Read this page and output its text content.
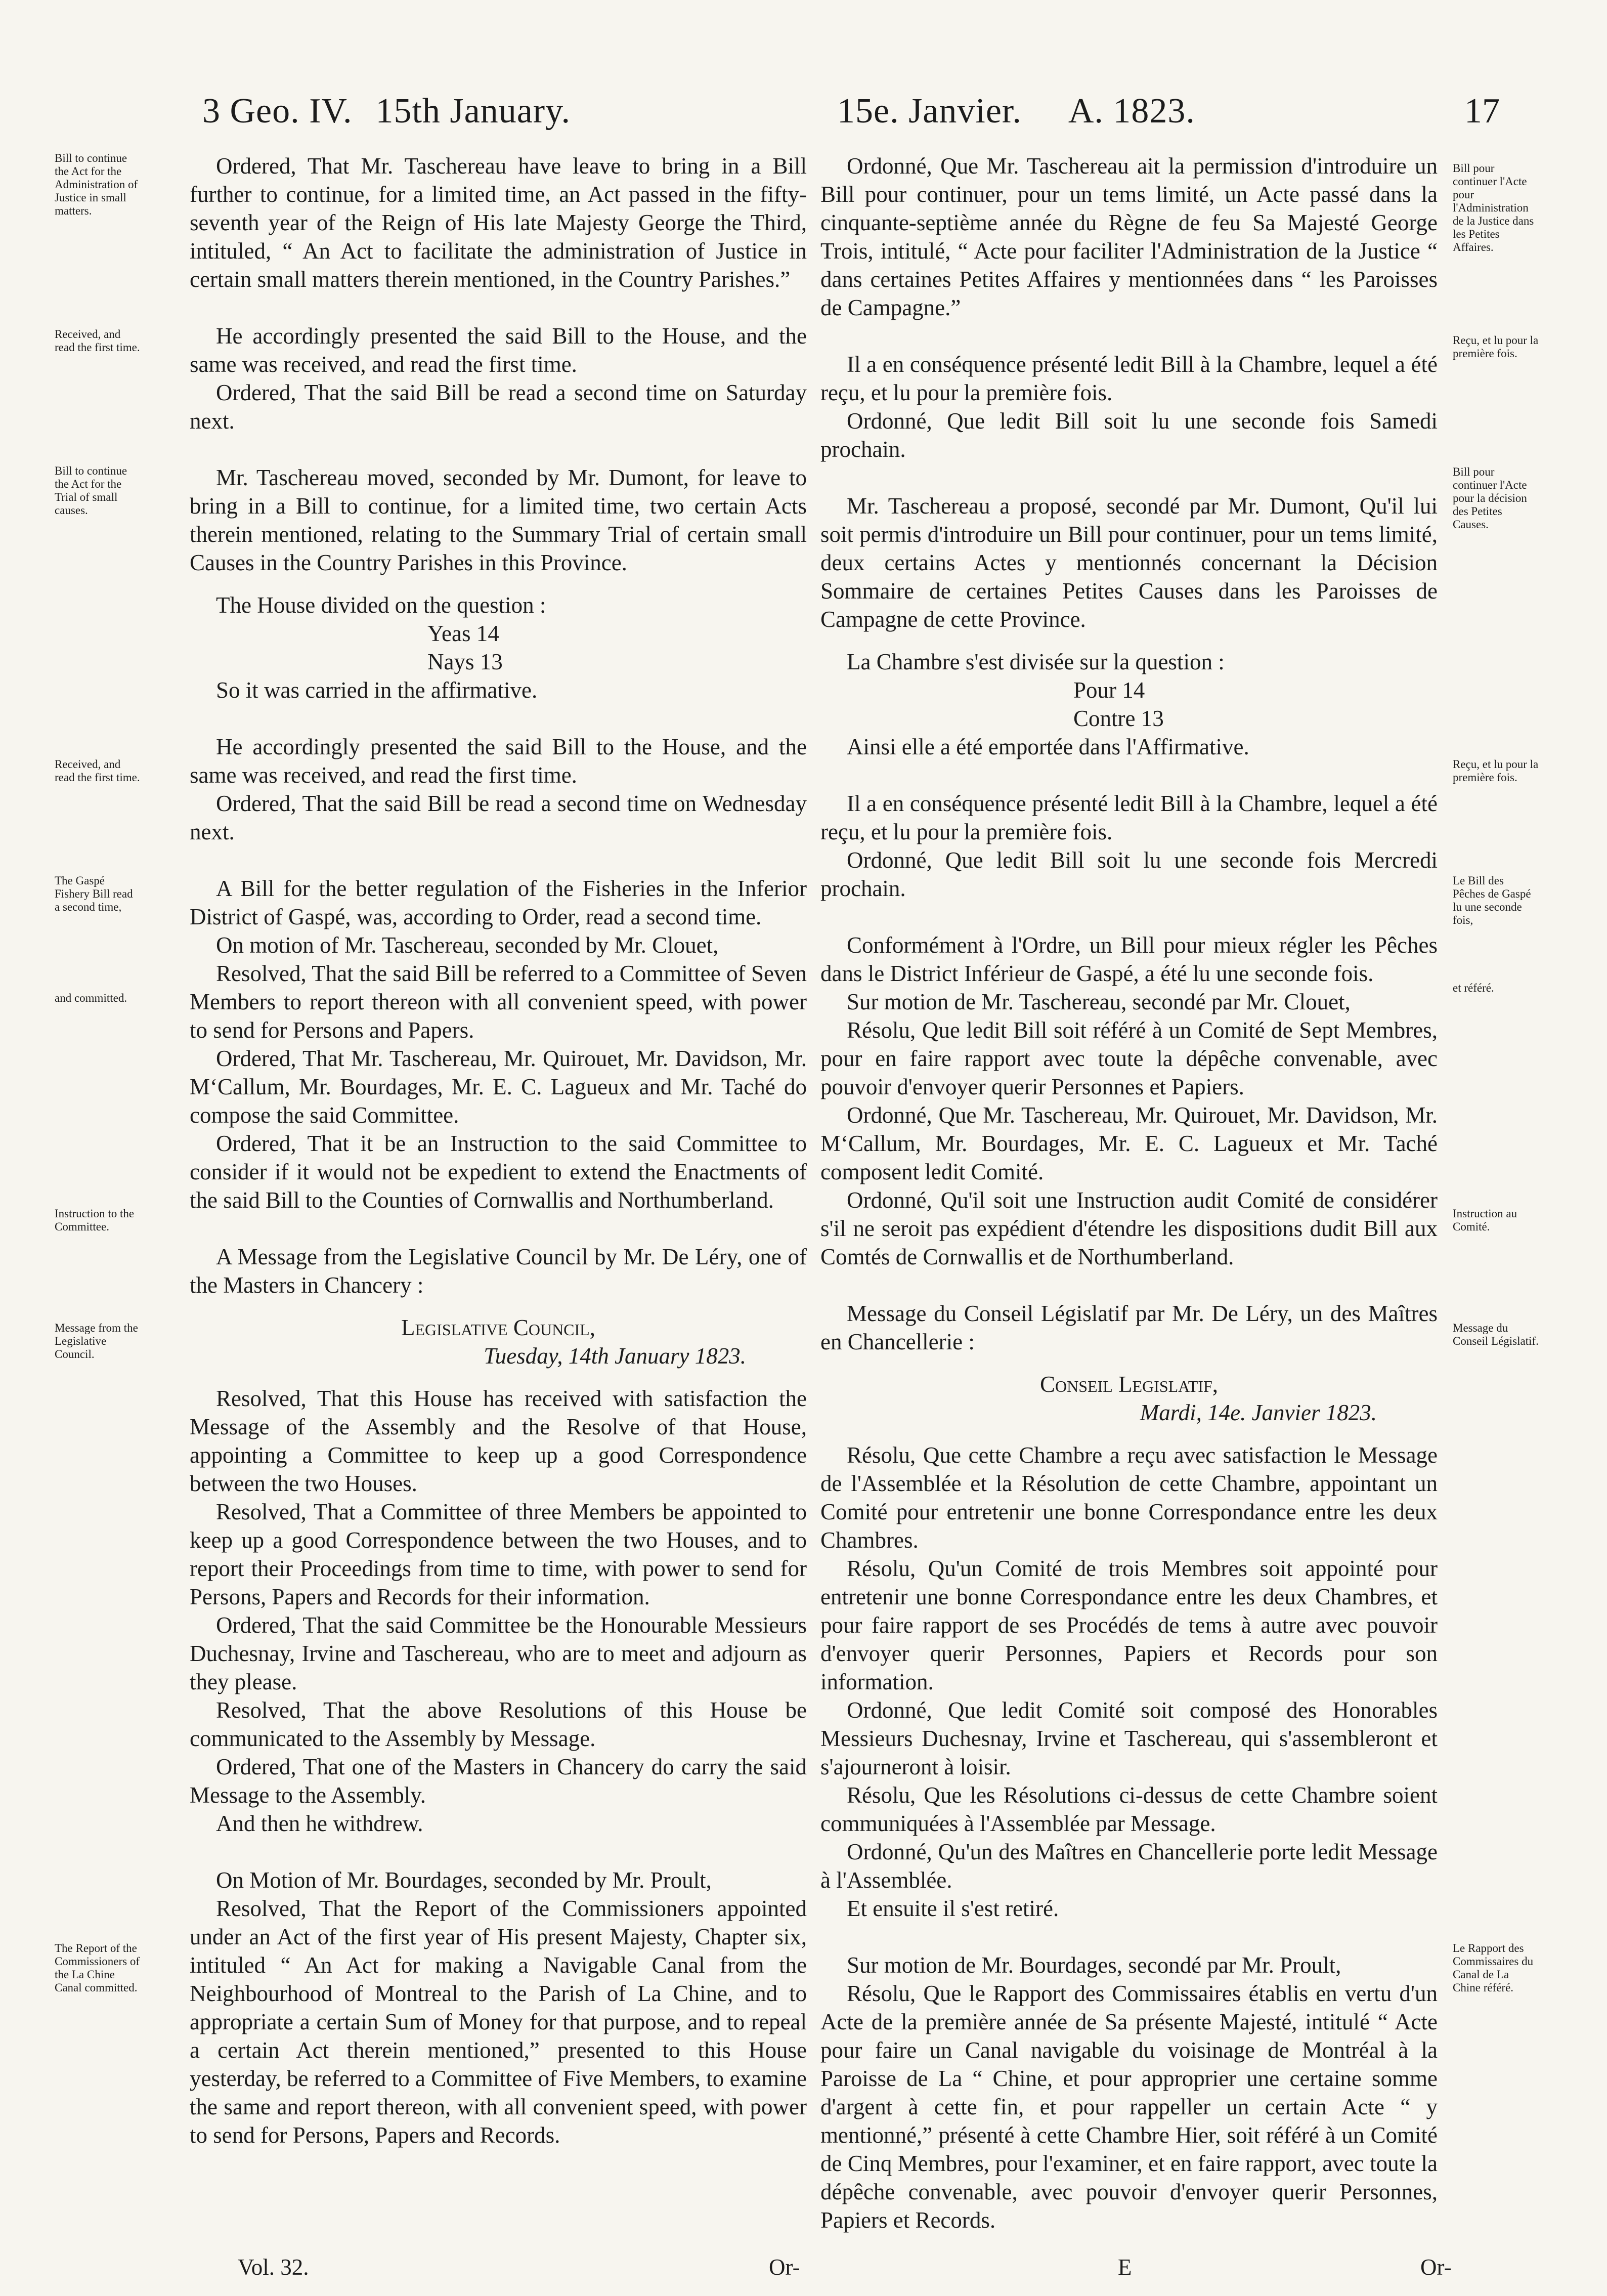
3 Geo. IV. 15th January.	15e. Janvier. A. 1823.	17
Bill to continue the Act for the Administration of Justice in small matters.
Received, and read the first time.
Bill to continue the Act for the Trial of small causes.
Received, and read the first time.
The Gaspé Fishery Bill read a second time,
and committed.
Instruction to the Committee.
Message from the Legislative Council.
The Report of the Commissioners of the La Chine Canal committed.
Bill pour continuer l'Acte pour l'Administration de la Justice dans les Petites Affaires.
Reçu, et lu pour la première fois.
Bill pour continuer l'Acte pour la décision des Petites Causes.
Reçu, et lu pour la première fois.
Le Bill des Pêches de Gaspé lu une seconde fois,
et référé.
Instruction au Comité.
Message du Conseil Législatif.
Le Rapport des Commissaires du Canal de La Chine référé.

Ordered, That Mr. Taschereau have leave to bring in a Bill further to continue, for a limited time, an Act passed in the fifty-seventh year of the Reign of His late Majesty George the Third, intituled, “ An Act to facilitate the administration of Justice in certain small matters therein mentioned, in the Country Parishes.”

He accordingly presented the said Bill to the House, and the same was received, and read the first time.

Ordered, That the said Bill be read a second time on Saturday next.

Mr. Taschereau moved, seconded by Mr. Dumont, for leave to bring in a Bill to continue, for a limited time, two certain Acts therein mentioned, relating to the Summary Trial of certain small Causes in the Country Parishes in this Province.

The House divided on the question :

Yeas 14

Nays 13

So it was carried in the affirmative.

He accordingly presented the said Bill to the House, and the same was received, and read the first time.

Ordered, That the said Bill be read a second time on Wednesday next.

A Bill for the better regulation of the Fisheries in the Inferior District of Gaspé, was, according to Order, read a second time.

On motion of Mr. Taschereau, seconded by Mr. Clouet,

Resolved, That the said Bill be referred to a Committee of Seven Members to report thereon with all convenient speed, with power to send for Persons and Papers.

Ordered, That Mr. Taschereau, Mr. Quirouet, Mr. Davidson, Mr. M‘Callum, Mr. Bourdages, Mr. E. C. Lagueux and Mr. Taché do compose the said Committee.

Ordered, That it be an Instruction to the said Committee to consider if it would not be expedient to extend the Enactments of the said Bill to the Counties of Cornwallis and Northumberland.

A Message from the Legislative Council by Mr. De Léry, one of the Masters in Chancery :

Legislative Council,

Tuesday, 14th January 1823.

Resolved, That this House has received with satisfaction the Message of the Assembly and the Resolve of that House, appointing a Committee to keep up a good Correspondence between the two Houses.

Resolved, That a Committee of three Members be appointed to keep up a good Correspondence between the two Houses, and to report their Proceedings from time to time, with power to send for Persons, Papers and Records for their information.

Ordered, That the said Committee be the Honourable Messieurs Duchesnay, Irvine and Taschereau, who are to meet and adjourn as they please.

Resolved, That the above Resolutions of this House be communicated to the Assembly by Message.

Ordered, That one of the Masters in Chancery do carry the said Message to the Assembly.

And then he withdrew.

On Motion of Mr. Bourdages, seconded by Mr. Proult,

Resolved, That the Report of the Commissioners appointed under an Act of the first year of His present Majesty, Chapter six, intituled “ An Act for making a Navigable Canal from the Neighbourhood of Montreal to the Parish of La Chine, and to appropriate a certain Sum of Money for that purpose, and to repeal a certain Act therein mentioned,” presented to this House yesterday, be referred to a Committee of Five Members, to examine the same and report thereon, with all convenient speed, with power to send for Persons, Papers and Records.

Ordonné, Que Mr. Taschereau ait la permission d'introduire un Bill pour continuer, pour un tems limité, un Acte passé dans la cinquante-septième année du Règne de feu Sa Majesté George Trois, intitulé, “ Acte pour faciliter l'Administration de la Justice “ dans certaines Petites Affaires y mentionnées dans “ les Paroisses de Campagne.”

Il a en conséquence présenté ledit Bill à la Chambre, lequel a été reçu, et lu pour la première fois.

Ordonné, Que ledit Bill soit lu une seconde fois Samedi prochain.

Mr. Taschereau a proposé, secondé par Mr. Dumont, Qu'il lui soit permis d'introduire un Bill pour continuer, pour un tems limité, deux certains Actes y mentionnés concernant la Décision Sommaire de certaines Petites Causes dans les Paroisses de Campagne de cette Province.

La Chambre s'est divisée sur la question :

Pour 14

Contre 13

Ainsi elle a été emportée dans l'Affirmative.

Il a en conséquence présenté ledit Bill à la Chambre, lequel a été reçu, et lu pour la première fois.

Ordonné, Que ledit Bill soit lu une seconde fois Mercredi prochain.

Conformément à l'Ordre, un Bill pour mieux régler les Pêches dans le District Inférieur de Gaspé, a été lu une seconde fois.

Sur motion de Mr. Taschereau, secondé par Mr. Clouet,

Résolu, Que ledit Bill soit référé à un Comité de Sept Membres, pour en faire rapport avec toute la dépêche convenable, avec pouvoir d'envoyer querir Personnes et Papiers.

Ordonné, Que Mr. Taschereau, Mr. Quirouet, Mr. Davidson, Mr. M‘Callum, Mr. Bourdages, Mr. E. C. Lagueux et Mr. Taché composent ledit Comité.

Ordonné, Qu'il soit une Instruction audit Comité de considérer s'il ne seroit pas expédient d'étendre les dispositions dudit Bill aux Comtés de Cornwallis et de Northumberland.

Message du Conseil Législatif par Mr. De Léry, un des Maîtres en Chancellerie :

Conseil Legislatif,

Mardi, 14e. Janvier 1823.

Résolu, Que cette Chambre a reçu avec satisfaction le Message de l'Assemblée et la Résolution de cette Chambre, appointant un Comité pour entretenir une bonne Correspondance entre les deux Chambres.

Résolu, Qu'un Comité de trois Membres soit appointé pour entretenir une bonne Correspondance entre les deux Chambres, et pour faire rapport de ses Procédés de tems à autre avec pouvoir d'envoyer querir Personnes, Papiers et Records pour son information.

Ordonné, Que ledit Comité soit composé des Honorables Messieurs Duchesnay, Irvine et Taschereau, qui s'assembleront et s'ajourneront à loisir.

Résolu, Que les Résolutions ci-dessus de cette Chambre soient communiquées à l'Assemblée par Message.

Ordonné, Qu'un des Maîtres en Chancellerie porte ledit Message à l'Assemblée.

Et ensuite il s'est retiré.

Sur motion de Mr. Bourdages, secondé par Mr. Proult,

Résolu, Que le Rapport des Commissaires établis en vertu d'un Acte de la première année de Sa présente Majesté, intitulé “ Acte pour faire un Canal navigable du voisinage de Montréal à la Paroisse de La “ Chine, et pour approprier une certaine somme d'argent à cette fin, et pour rappeller un certain Acte “ y mentionné,” présenté à cette Chambre Hier, soit référé à un Comité de Cinq Membres, pour l'examiner, et en faire rapport, avec toute la dépêche convenable, avec pouvoir d'envoyer querir Personnes, Papiers et Records.

Vol. 32.	Or-	E	Or-
